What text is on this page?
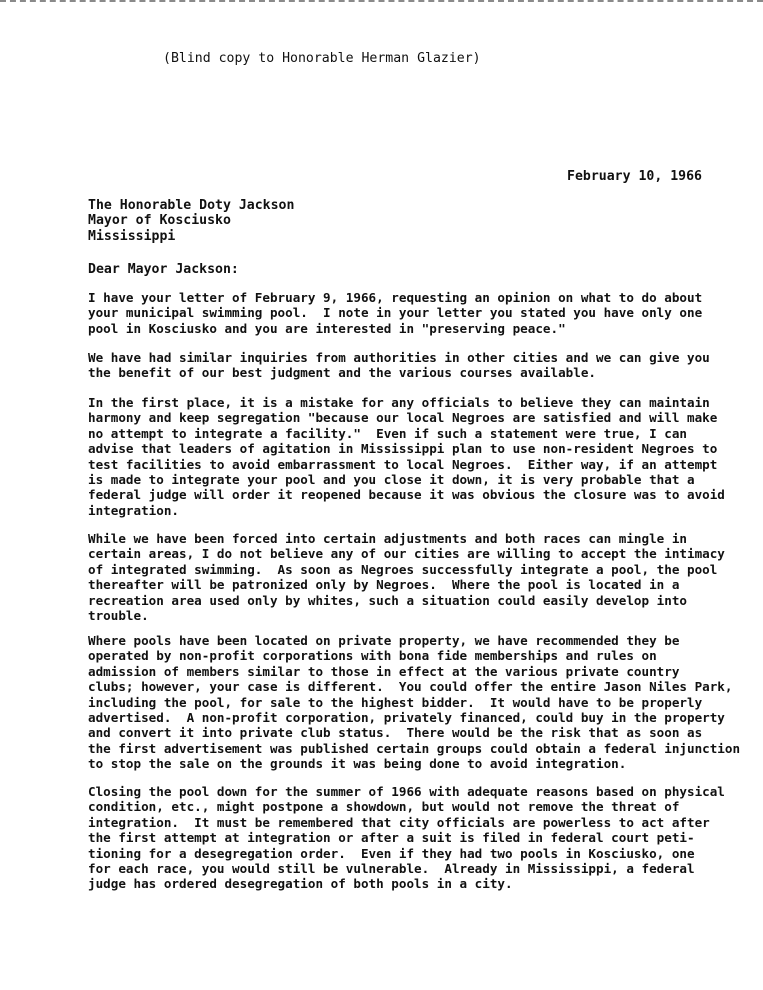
(Blind copy to Honorable Herman Glazier)
February 10, 1966
The Honorable Doty Jackson
Mayor of Kosciusko
Mississippi
Dear Mayor Jackson:
I have your letter of February 9, 1966, requesting an opinion on what to do about
your municipal swimming pool.  I note in your letter you stated you have only one
pool in Kosciusko and you are interested in "preserving peace."
We have had similar inquiries from authorities in other cities and we can give you
the benefit of our best judgment and the various courses available.
In the first place, it is a mistake for any officials to believe they can maintain
harmony and keep segregation "because our local Negroes are satisfied and will make
no attempt to integrate a facility."  Even if such a statement were true, I can
advise that leaders of agitation in Mississippi plan to use non-resident Negroes to
test facilities to avoid embarrassment to local Negroes.  Either way, if an attempt
is made to integrate your pool and you close it down, it is very probable that a
federal judge will order it reopened because it was obvious the closure was to avoid
integration.
While we have been forced into certain adjustments and both races can mingle in
certain areas, I do not believe any of our cities are willing to accept the intimacy
of integrated swimming.  As soon as Negroes successfully integrate a pool, the pool
thereafter will be patronized only by Negroes.  Where the pool is located in a
recreation area used only by whites, such a situation could easily develop into
trouble.
Where pools have been located on private property, we have recommended they be
operated by non-profit corporations with bona fide memberships and rules on
admission of members similar to those in effect at the various private country
clubs; however, your case is different.  You could offer the entire Jason Niles Park,
including the pool, for sale to the highest bidder.  It would have to be properly
advertised.  A non-profit corporation, privately financed, could buy in the property
and convert it into private club status.  There would be the risk that as soon as
the first advertisement was published certain groups could obtain a federal injunction
to stop the sale on the grounds it was being done to avoid integration.
Closing the pool down for the summer of 1966 with adequate reasons based on physical
condition, etc., might postpone a showdown, but would not remove the threat of
integration.  It must be remembered that city officials are powerless to act after
the first attempt at integration or after a suit is filed in federal court peti-
tioning for a desegregation order.  Even if they had two pools in Kosciusko, one
for each race, you would still be vulnerable.  Already in Mississippi, a federal
judge has ordered desegregation of both pools in a city.
